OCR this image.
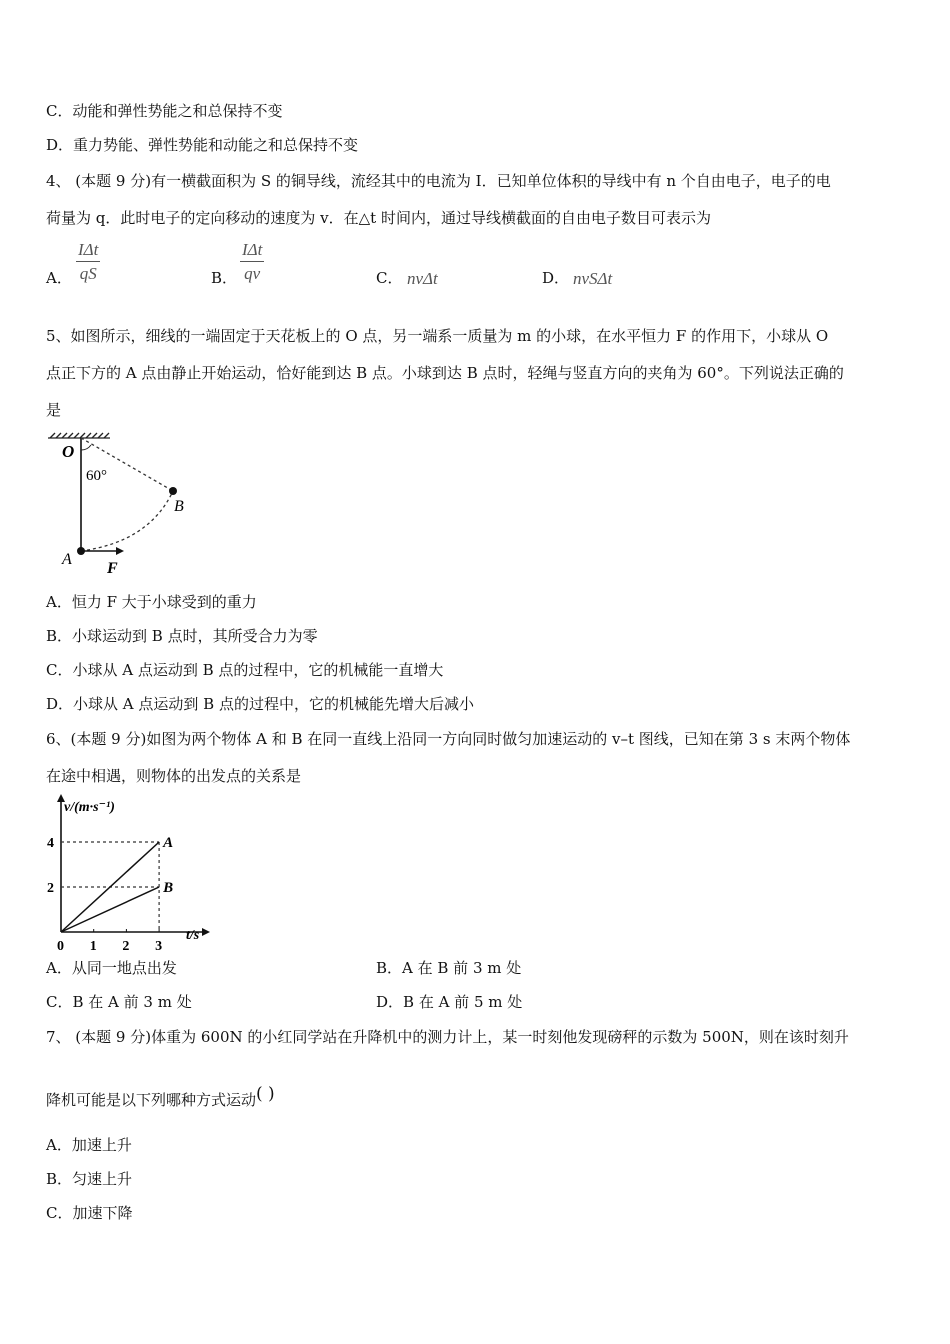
C．动能和弹性势能之和总保持不变
D．重力势能、弹性势能和动能之和总保持不变
4、 (本题 9 分)有一横截面积为 S 的铜导线，流经其中的电流为 I．已知单位体积的导线中有 n 个自由电子，电子的电
荷量为 q．此时电子的定向移动的速度为 v．在△t 时间内，通过导线横截面的自由电子数目可表示为
A．
IΔt
qS	B．
IΔt
qv	C． nvΔt	D． nvSΔt
5、如图所示，细线的一端固定于天花板上的 O 点，另一端系一质量为 m 的小球，在水平恒力 F 的作用下，小球从 O
点正下方的 A 点由静止开始运动，恰好能到达 B 点。小球到达 B 点时，轻绳与竖直方向的夹角为 60°。下列说法正确的
是
O
60°
B
A
F
A．恒力 F 大于小球受到的重力
B．小球运动到 B 点时，其所受合力为零
C．小球从 A 点运动到 B 点的过程中，它的机械能一直增大
D．小球从 A 点运动到 B 点的过程中，它的机械能先增大后减小
6、(本题 9 分)如图为两个物体 A 和 B 在同一直线上沿同一方向同时做匀加速运动的 v–t 图线，已知在第 3 s 末两个物体
在途中相遇，则物体的出发点的关系是
v/(m·s⁻¹)
t/s
A
B
0 1 2 3
2
4
A．从同一地点出发	B．A 在 B 前 3 m 处
C．B 在 A 前 3 m 处	D．B 在 A 前 5 m 处
7、 (本题 9 分)体重为 600N 的小红同学站在升降机中的测力计上，某一时刻他发现磅秤的示数为 500N，则在该时刻升
降机可能是以下列哪种方式运动( )
A．加速上升
B．匀速上升
C．加速下降
